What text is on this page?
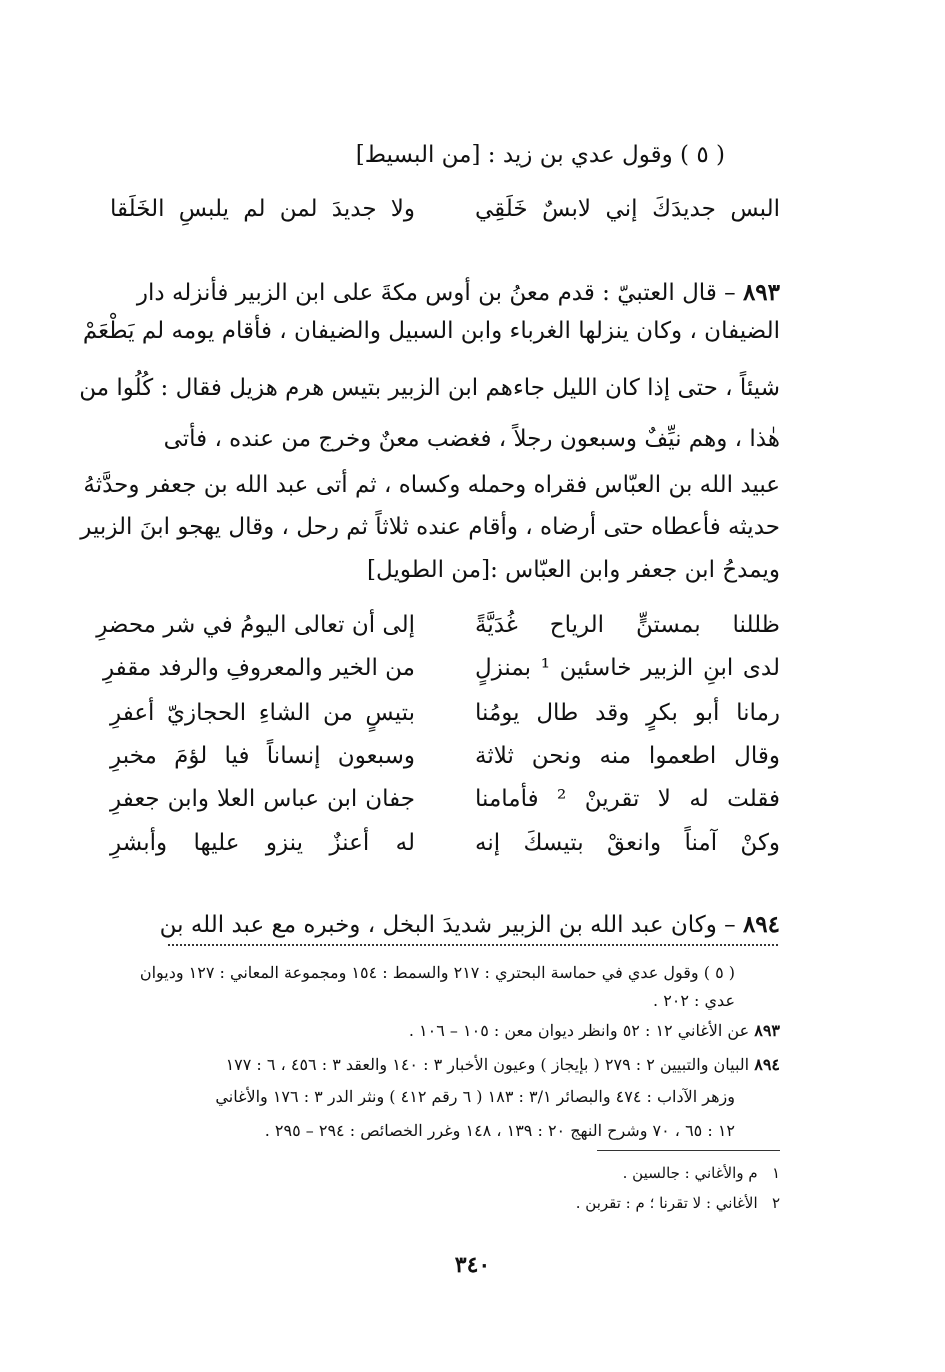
( ٥ ) وقول عدي بن زيد : [من البسيط]
البس جديدَكَ إني لابسٌ خَلَقِي
ولا جديدَ لمن لم يلبسِ الخَلَقا
٨٩٣ – قال العتبيّ : قدم معنُ بن أوس مكةَ على ابن الزبير فأنزله دار
الضيفان ، وكان ينزلها الغرباء وابن السبيل والضيفان ، فأقام يومه لم يَطْعَمْ
شيئاً ، حتى إذا كان الليل جاءهم ابن الزبير بتيس هرم هزيل فقال : كُلُوا من
هٰذا ، وهم نيِّفٌ وسبعون رجلاً ، فغضب معنٌ وخرج من عنده ، فأتى
عبيد الله بن العبّاس فقراه وحمله وكساه ، ثم أتى عبد الله بن جعفر وحدَّثهُ
حديثه فأعطاه حتى أرضاه ، وأقام عنده ثلاثاً ثم رحل ، وقال يهجو ابنَ الزبير
ويمدحُ ابن جعفر وابن العبّاس :[من الطويل]
ظللنا بمستنٍّ الرياح غُدَيَّةً
إلى أن تعالى اليومُ في شر محضرِ
لدى ابنِ الزبير خاسئين ¹ بمنزلٍ
من الخير والمعروفِ والرفد مقفرِ
رمانا أبو بكرٍ وقد طال يومُنا
بتيسٍ من الشاءِ الحجازيّ أعفرِ
وقال اطعموا منه ونحن ثلاثة
وسبعون إنساناً فيا لؤمَ مخبرِ
فقلت له لا تقرينْ ² فأمامنا
جفان ابن عباس العلا وابن جعفرِ
وكنْ آمناً وانعقْ بتيسكَ إنه
له أعنزٌ ينزو عليها وأبشرِ
٨٩٤ – وكان عبد الله بن الزبير شديدَ البخل ، وخبره مع عبد الله بن
( ٥ ) وقول عدي في حماسة البحتري : ٢١٧ والسمط : ١٥٤ ومجموعة المعاني : ١٢٧ وديوان
عدي : ٢٠٢ .
٨٩٣ عن الأغاني ١٢ : ٥٢ وانظر ديوان معن : ١٠٥ – ١٠٦ .
٨٩٤ البيان والتبيين ٢ : ٢٧٩ ( بإيجاز ) وعيون الأخبار ٣ : ١٤٠ والعقد ٣ : ٤٥٦ ، ٦ : ١٧٧
وزهر الآداب : ٤٧٤ والبصائر ٣/١ : ١٨٣ ( ٦ رقم ٤١٢ ) ونثر الدر ٣ : ١٧٦ والأغاني
١٢ : ٦٥ ، ٧٠ وشرح النهج ٢٠ : ١٣٩ ، ١٤٨ وغرر الخصائص : ٢٩٤ – ٢٩٥ .
١   م والأغاني : جالسين .
٢   الأغاني : لا تقرنا ؛ م : تقربن .
٣٤٠
